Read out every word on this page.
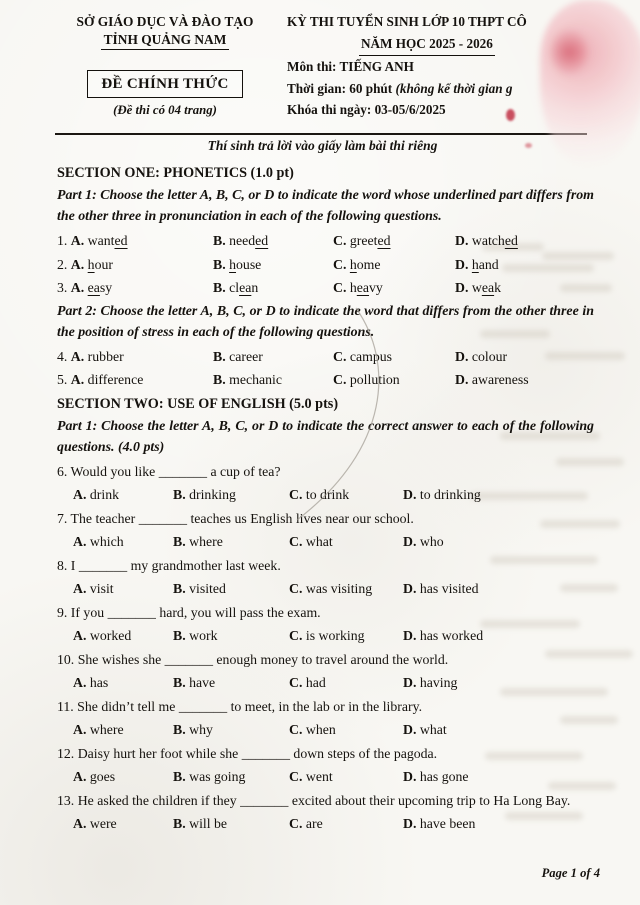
SỞ GIÁO DỤC VÀ ĐÀO TẠO
TỈNH QUẢNG NAM
ĐỀ CHÍNH THỨC
(Đề thi có 04 trang)
KỲ THI TUYỂN SINH LỚP 10 THPT CÔ
NĂM HỌC 2025 - 2026
Môn thi: TIẾNG ANH
Thời gian: 60 phút (không kể thời gian g
Khóa thi ngày: 03-05/6/2025
Thí sinh trả lời vào giấy làm bài thi riêng
SECTION ONE: PHONETICS (1.0 pt)
Part 1: Choose the letter A, B, C, or D to indicate the word whose underlined part differs from the other three in pronunciation in each of the following questions.
1. A. wanted	B. needed	C. greeted	D. watched
2. A. hour	B. house	C. home	D. hand
3. A. easy	B. clean	C. heavy	D. weak
Part 2: Choose the letter A, B, C, or D to indicate the word that differs from the other three in the position of stress in each of the following questions.
4. A. rubber	B. career	C. campus	D. colour
5. A. difference	B. mechanic	C. pollution	D. awareness
SECTION TWO: USE OF ENGLISH (5.0 pts)
Part 1: Choose the letter A, B, C, or D to indicate the correct answer to each of the following questions. (4.0 pts)
6. Would you like _______ a cup of tea?
A. drink	B. drinking	C. to drink	D. to drinking
7. The teacher _______ teaches us English lives near our school.
A. which	B. where	C. what	D. who
8. I _______ my grandmother last week.
A. visit	B. visited	C. was visiting	D. has visited
9. If you _______ hard, you will pass the exam.
A. worked	B. work	C. is working	D. has worked
10. She wishes she _______ enough money to travel around the world.
A. has	B. have	C. had	D. having
11. She didn’t tell me _______ to meet, in the lab or in the library.
A. where	B. why	C. when	D. what
12. Daisy hurt her foot while she _______ down steps of the pagoda.
A. goes	B. was going	C. went	D. has gone
13. He asked the children if they _______ excited about their upcoming trip to Ha Long Bay.
A. were	B. will be	C. are	D. have been
Page 1 of 4
